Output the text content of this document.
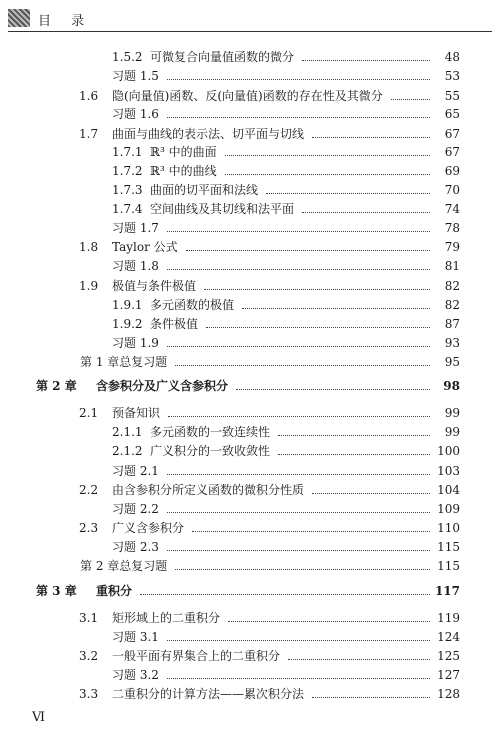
目 录
1.5.2 可微复合向量值函数的微分	48
习题 1.5	53
1.6 隐(向量值)函数、反(向量值)函数的存在性及其微分	55
习题 1.6	65
1.7 曲面与曲线的表示法、切平面与切线	67
1.7.1 ℝ³ 中的曲面	67
1.7.2 ℝ³ 中的曲线	69
1.7.3 曲面的切平面和法线	70
1.7.4 空间曲线及其切线和法平面	74
习题 1.7	78
1.8 Taylor 公式	79
习题 1.8	81
1.9 极值与条件极值	82
1.9.1 多元函数的极值	82
1.9.2 条件极值	87
习题 1.9	93
第 1 章总复习题	95
第 2 章 含参积分及广义含参积分	98
2.1 预备知识	99
2.1.1 多元函数的一致连续性	99
2.1.2 广义积分的一致收敛性	100
习题 2.1	103
2.2 由含参积分所定义函数的微积分性质	104
习题 2.2	109
2.3 广义含参积分	110
习题 2.3	115
第 2 章总复习题	115
第 3 章 重积分	117
3.1 矩形域上的二重积分	119
习题 3.1	124
3.2 一般平面有界集合上的二重积分	125
习题 3.2	127
3.3 二重积分的计算方法——累次积分法	128
Ⅵ
